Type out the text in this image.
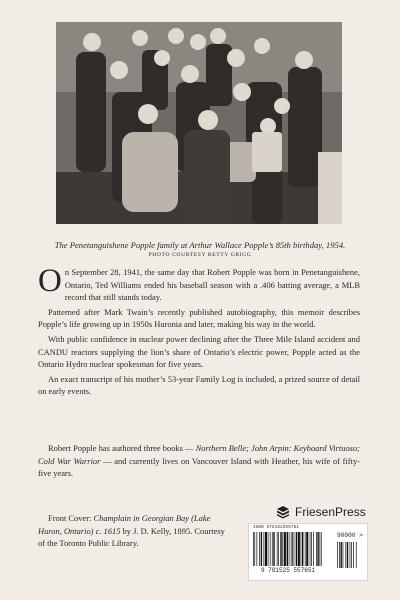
The Penetanguishene Popple family at Arthur Wallace Popple’s 85th birthday, 1954.
PHOTO COURTESY BETTY GRIGG

On September 28, 1941, the same day that Robert Popple was born in Penetanguishene, Ontario, Ted Williams ended his baseball season with a .406 batting average, a MLB record that still stands today.

Patterned after Mark Twain’s recently published autobiography, this memoir describes Popple’s life growing up in 1950s Huronia and later, making his way in the world.

With public confidence in nuclear power declining after the Three Mile Island accident and CANDU reactors supplying the lion’s share of Ontario’s electric power, Popple acted as the Ontario Hydro nuclear spokesman for five years.

An exact transcript of his mother’s 53-year Family Log is included, a prized source of detail on early events.

Robert Popple has authored three books — Northern Belle; John Arpin: Keyboard Virtuoso; Cold War Warrior — and currently lives on Vancouver Island with Heather, his wife of fifty-five years.

Front Cover: Champlain in Georgian Bay (Lake Huron, Ontario) c. 1615 by J. D. Kelly, 1895. Courtesy of the Toronto Public Library.

FriesenPress
ISBN 978152555751
90000 >
9 781525 557651
